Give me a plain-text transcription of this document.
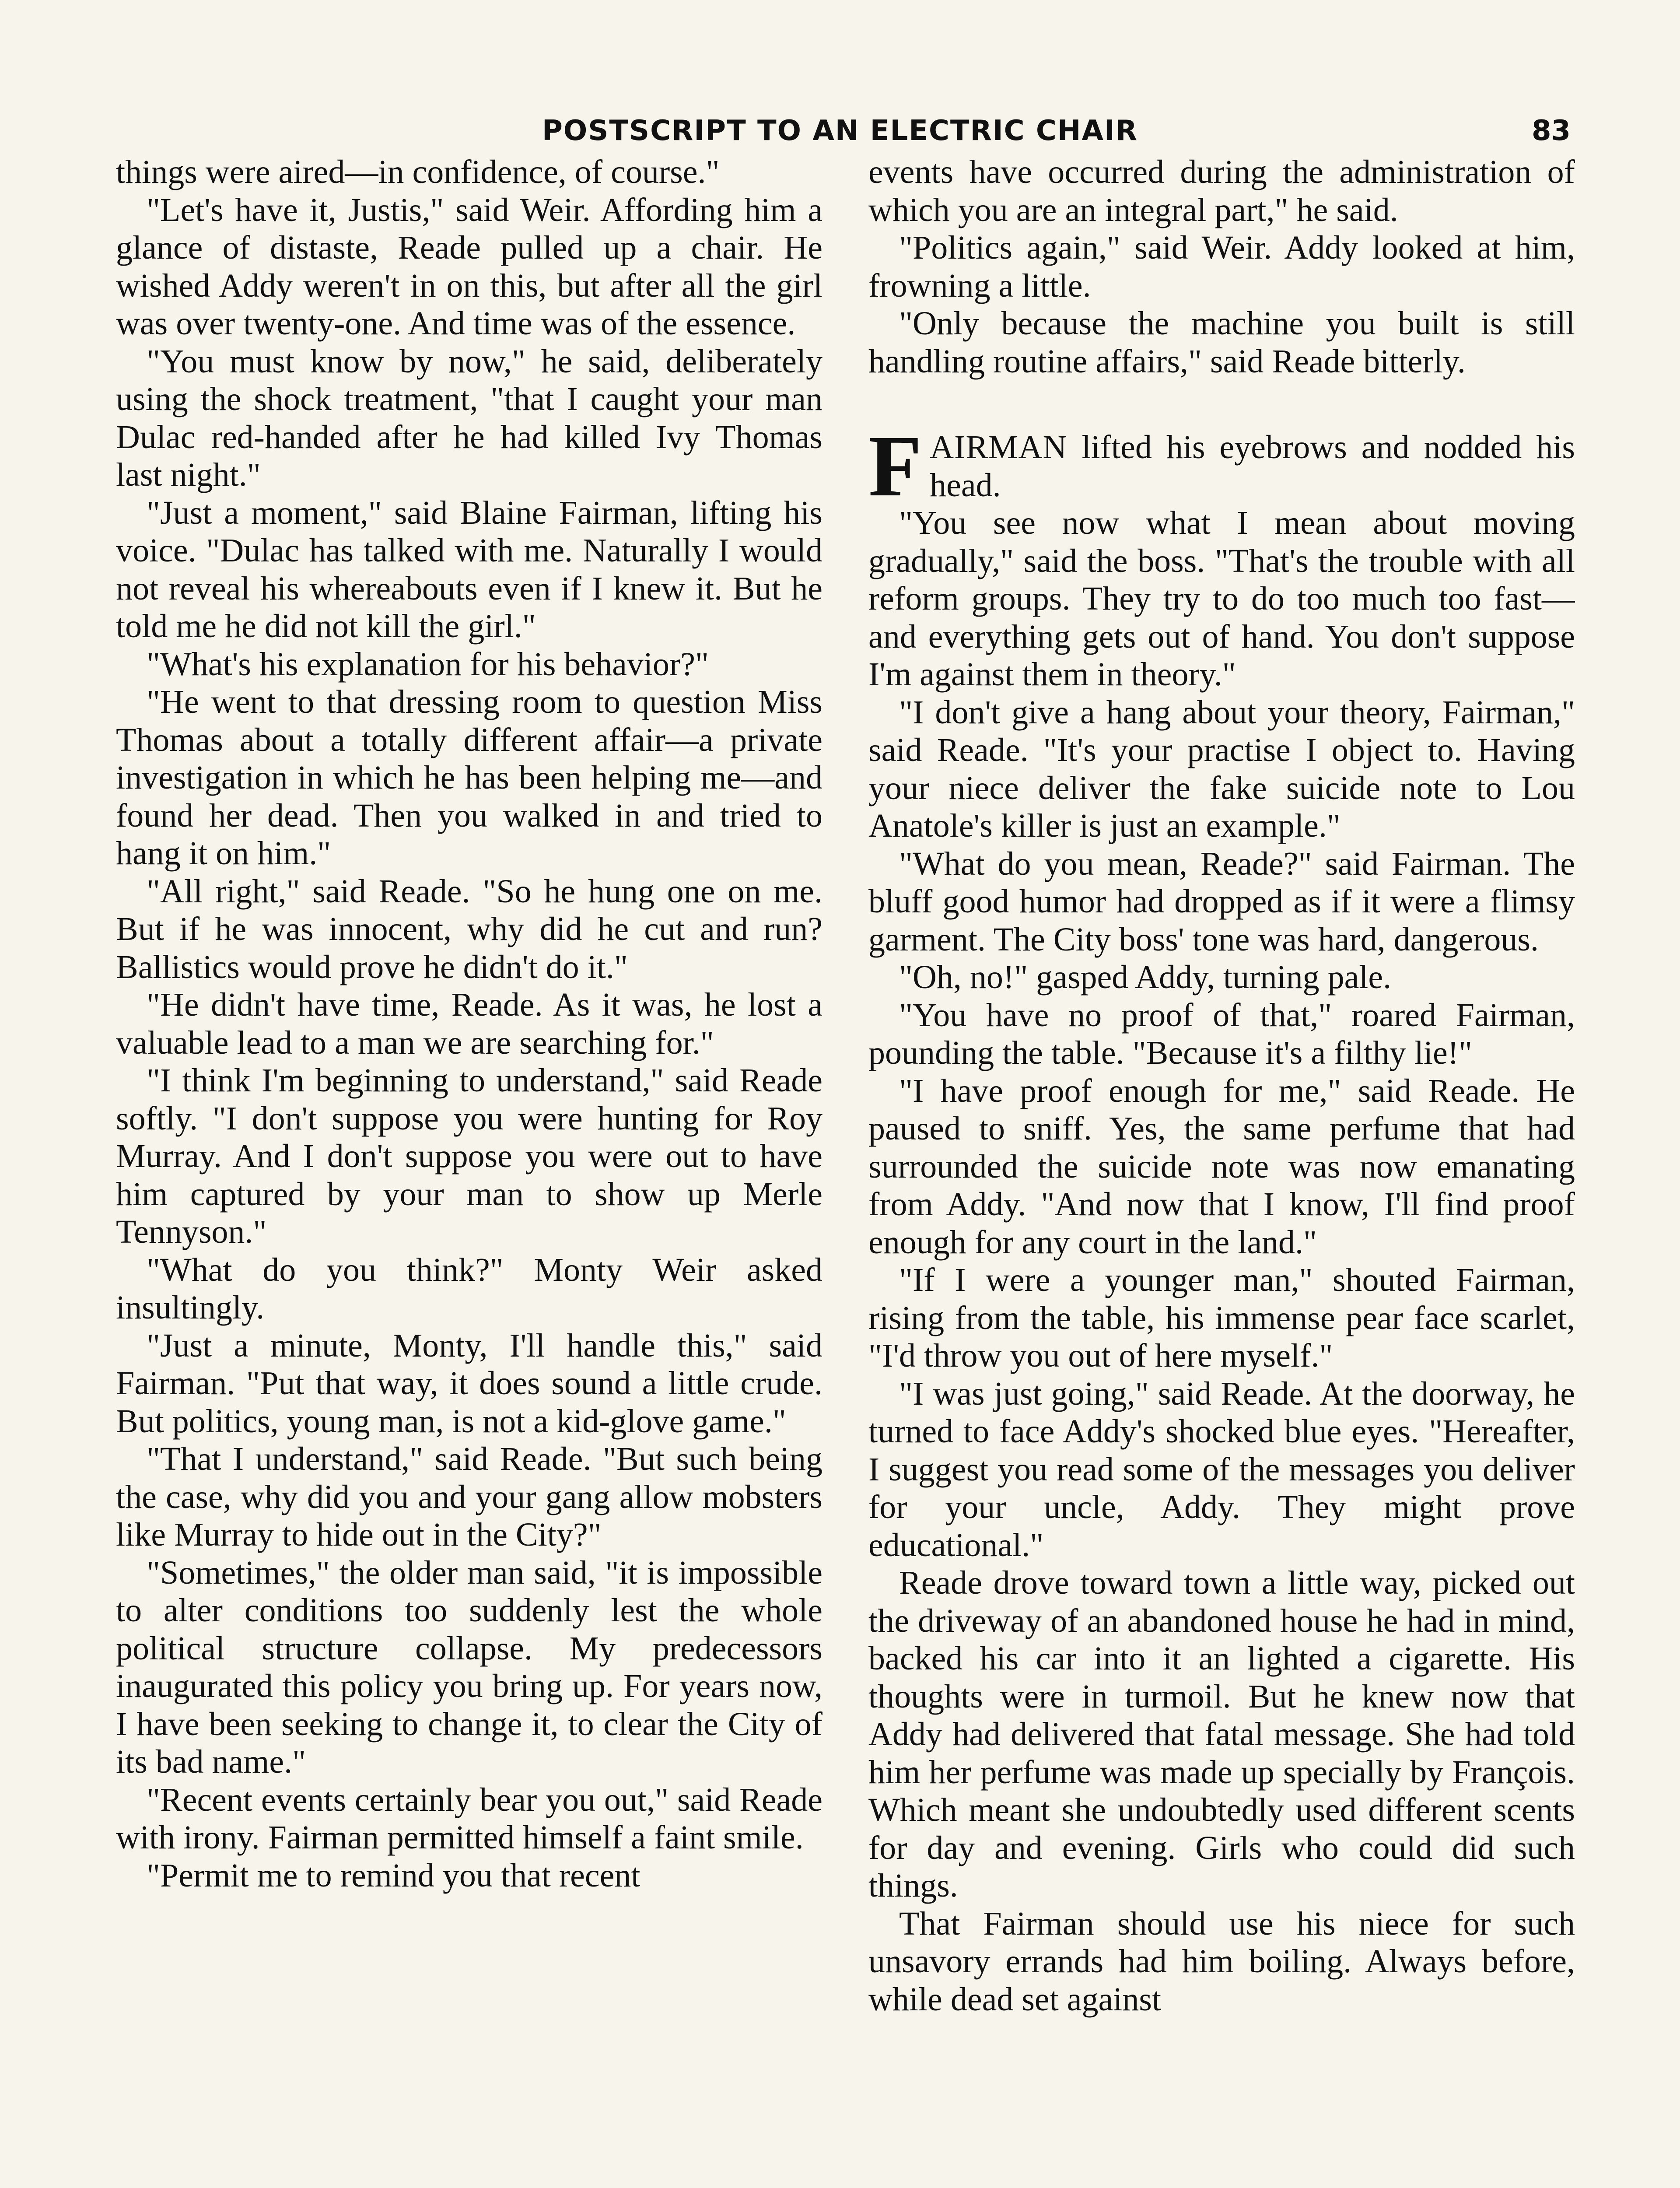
POSTSCRIPT TO AN ELECTRIC CHAIR	83

things were aired—in confidence, of course."

"Let's have it, Justis," said Weir. Affording him a glance of distaste, Reade pulled up a chair. He wished Addy weren't in on this, but after all the girl was over twenty-one. And time was of the essence.

"You must know by now," he said, deliberately using the shock treatment, "that I caught your man Dulac red-handed after he had killed Ivy Thomas last night."

"Just a moment," said Blaine Fairman, lifting his voice. "Dulac has talked with me. Naturally I would not reveal his whereabouts even if I knew it. But he told me he did not kill the girl."

"What's his explanation for his behavior?"

"He went to that dressing room to question Miss Thomas about a totally different affair—a private investigation in which he has been helping me—and found her dead. Then you walked in and tried to hang it on him."

"All right," said Reade. "So he hung one on me. But if he was innocent, why did he cut and run? Ballistics would prove he didn't do it."

"He didn't have time, Reade. As it was, he lost a valuable lead to a man we are searching for."

"I think I'm beginning to understand," said Reade softly. "I don't suppose you were hunting for Roy Murray. And I don't suppose you were out to have him captured by your man to show up Merle Tennyson."

"What do you think?" Monty Weir asked insultingly.

"Just a minute, Monty, I'll handle this," said Fairman. "Put that way, it does sound a little crude. But politics, young man, is not a kid-glove game."

"That I understand," said Reade. "But such being the case, why did you and your gang allow mobsters like Murray to hide out in the City?"

"Sometimes," the older man said, "it is impossible to alter conditions too suddenly lest the whole political structure collapse. My predecessors inaugurated this policy you bring up. For years now, I have been seeking to change it, to clear the City of its bad name."

"Recent events certainly bear you out," said Reade with irony. Fairman permitted himself a faint smile.

"Permit me to remind you that recent

events have occurred during the administration of which you are an integral part," he said.

"Politics again," said Weir. Addy looked at him, frowning a little.

"Only because the machine you built is still handling routine affairs," said Reade bitterly.

FAIRMAN lifted his eyebrows and nodded his head.

"You see now what I mean about moving gradually," said the boss. "That's the trouble with all reform groups. They try to do too much too fast—and everything gets out of hand. You don't suppose I'm against them in theory."

"I don't give a hang about your theory, Fairman," said Reade. "It's your practise I object to. Having your niece deliver the fake suicide note to Lou Anatole's killer is just an example."

"What do you mean, Reade?" said Fairman. The bluff good humor had dropped as if it were a flimsy garment. The City boss' tone was hard, dangerous.

"Oh, no!" gasped Addy, turning pale.

"You have no proof of that," roared Fairman, pounding the table. "Because it's a filthy lie!"

"I have proof enough for me," said Reade. He paused to sniff. Yes, the same perfume that had surrounded the suicide note was now emanating from Addy. "And now that I know, I'll find proof enough for any court in the land."

"If I were a younger man," shouted Fairman, rising from the table, his immense pear face scarlet, "I'd throw you out of here myself."

"I was just going," said Reade. At the doorway, he turned to face Addy's shocked blue eyes. "Hereafter, I suggest you read some of the messages you deliver for your uncle, Addy. They might prove educational."

Reade drove toward town a little way, picked out the driveway of an abandoned house he had in mind, backed his car into it an lighted a cigarette. His thoughts were in turmoil. But he knew now that Addy had delivered that fatal message. She had told him her perfume was made up specially by François. Which meant she undoubtedly used different scents for day and evening. Girls who could did such things.

That Fairman should use his niece for such unsavory errands had him boiling. Always before, while dead set against
